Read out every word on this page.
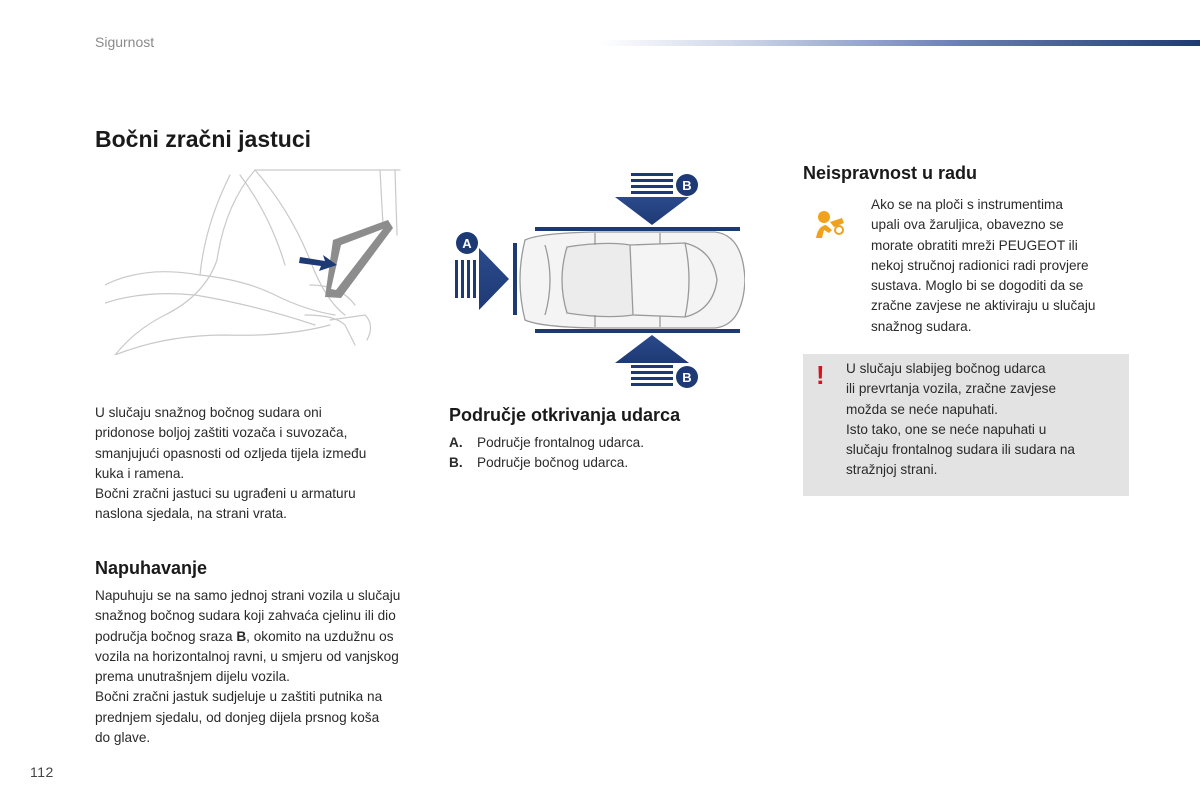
Sigurnost
Bočni zračni jastuci
A
B
B

U slučaju snažnog bočnog sudara oni

pridonose boljoj zaštiti vozača i suvozača,

smanjujući opasnosti od ozljeda tijela između

kuka i ramena.

Bočni zračni jastuci su ugrađeni u armaturu

naslona sjedala, na strani vrata.

Napuhavanje

Napuhuju se na samo jednoj strani vozila u slučaju

snažnog bočnog sudara koji zahvaća cjelinu ili dio

područja bočnog sraza B, okomito na uzdužnu os

vozila na horizontalnoj ravni, u smjeru od vanjskog

prema unutrašnjem dijelu vozila.

Bočni zračni jastuk sudjeluje u zaštiti putnika na

prednjem sjedalu, od donjeg dijela prsnog koša

do glave.

Područje otkrivanja udarca
A.	Područje frontalnog udarca.
B.	Područje bočnog udarca.
Neispravnost u radu

Ako se na ploči s instrumentima

upali ova žaruljica, obavezno se

morate obratiti mreži PEUGEOT ili

nekoj stručnoj radionici radi provjere

sustava. Moglo bi se dogoditi da se

zračne zavjese ne aktiviraju u slučaju

snažnog sudara.

! U slučaju slabijeg bočnog udarca

ili prevrtanja vozila, zračne zavjese

možda se neće napuhati.

Isto tako, one se neće napuhati u

slučaju frontalnog sudara ili sudara na

stražnjoj strani.

112
